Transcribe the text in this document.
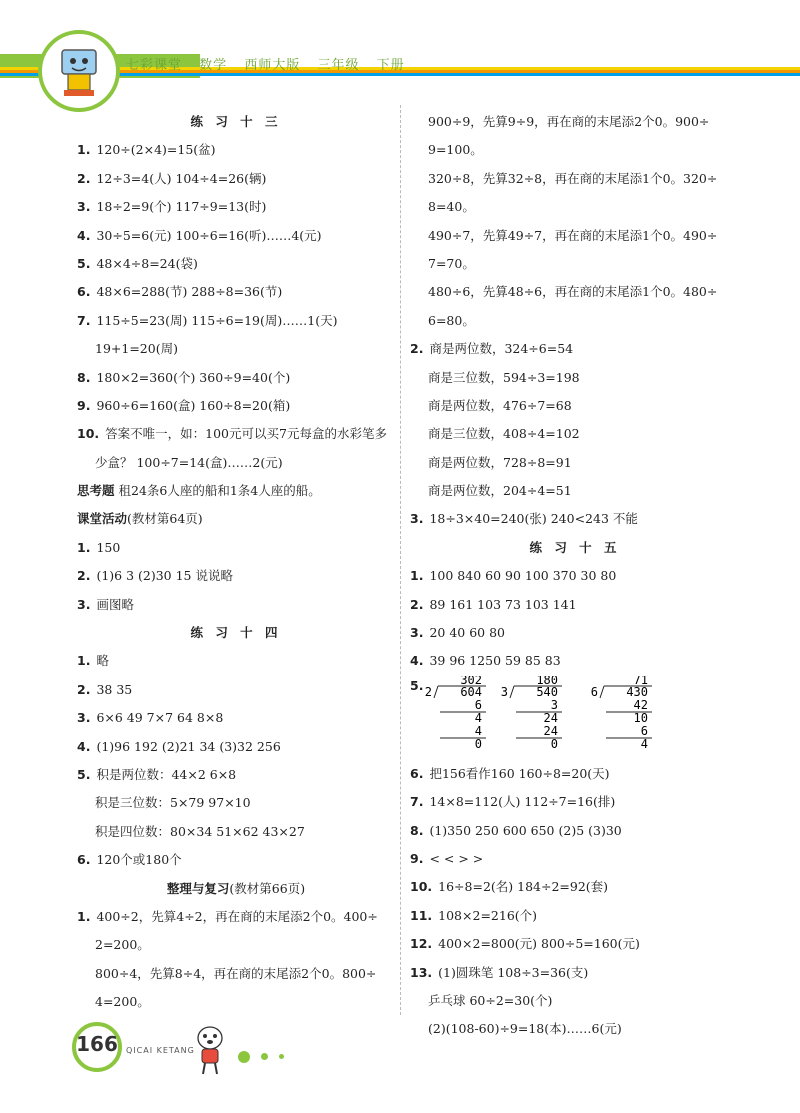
七彩课堂 数学 西师大版 三年级 下册
练 习 十 三
1. 120÷(2×4)=15(盆)
2. 12÷3=4(人) 104÷4=26(辆)
3. 18÷2=9(个) 117÷9=13(时)
4. 30÷5=6(元) 100÷6=16(听)……4(元)
5. 48×4÷8=24(袋)
6. 48×6=288(节) 288÷8=36(节)
7. 115÷5=23(周) 115÷6=19(周)……1(天)
19+1=20(周)
8. 180×2=360(个) 360÷9=40(个)
9. 960÷6=160(盒) 160÷8=20(箱)
10. 答案不唯一，如：100元可以买7元每盒的水彩笔多
少盒？ 100÷7=14(盒)……2(元)
思考题 租24条6人座的船和1条4人座的船。
课堂活动(教材第64页)
1. 150
2. (1)6 3 (2)30 15 说说略
3. 画图略
练 习 十 四
1. 略
2. 38 35
3. 6×6 49 7×7 64 8×8
4. (1)96 192 (2)21 34 (3)32 256
5. 积是两位数：44×2 6×8
积是三位数：5×79 97×10
积是四位数：80×34 51×62 43×27
6. 120个或180个
整理与复习(教材第66页)
1. 400÷2，先算4÷2，再在商的末尾添2个0。400÷
2=200。
800÷4，先算8÷4，再在商的末尾添2个0。800÷
4=200。
900÷9，先算9÷9，再在商的末尾添2个0。900÷
9=100。
320÷8，先算32÷8，再在商的末尾添1个0。320÷
8=40。
490÷7，先算49÷7，再在商的末尾添1个0。490÷
7=70。
480÷6，先算48÷6，再在商的末尾添1个0。480÷
6=80。
2. 商是两位数，324÷6=54
商是三位数，594÷3=198
商是两位数，476÷7=68
商是三位数，408÷4=102
商是两位数，728÷8=91
商是两位数，204÷4=51
3. 18÷3×40=240(张) 240<243 不能
练 习 十 五
1. 100 840 60 90 100 370 30 80
2. 89 161 103 73 103 141
3. 20 40 60 80
4. 39 96 1250 59 85 83
5.	302
2 604
6
4
4
0
180
3 540
3
24
24
0
71
6 430
42
10
6
4
6. 把156看作160 160÷8=20(天)
7. 14×8=112(人) 112÷7=16(排)
8. (1)350 250 600 650 (2)5 (3)30
9. < < > >
10. 16÷8=2(名) 184÷2=92(套)
11. 108×2=216(个)
12. 400×2=800(元) 800÷5=160(元)
13. (1)圆珠笔 108÷3=36(支)
乒乓球 60÷2=30(个)
(2)(108-60)÷9=18(本)……6(元)
166 QICAI KETANG
